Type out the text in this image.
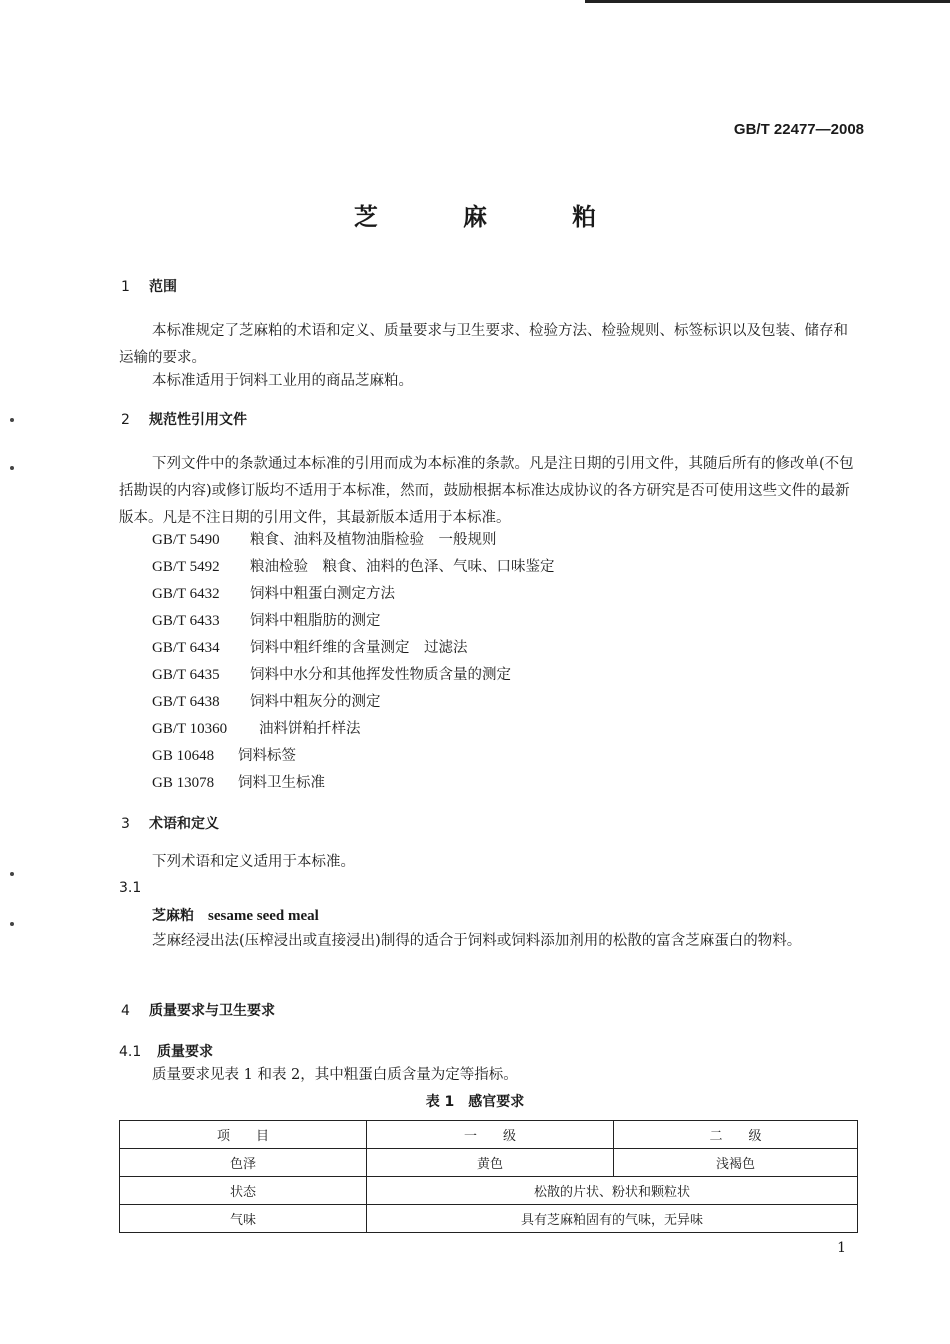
GB/T 22477—2008
芝 麻 粕
1 范围
本标准规定了芝麻粕的术语和定义、质量要求与卫生要求、检验方法、检验规则、标签标识以及包装、储存和运输的要求。
本标准适用于饲料工业用的商品芝麻粕。
2 规范性引用文件
下列文件中的条款通过本标准的引用而成为本标准的条款。凡是注日期的引用文件，其随后所有的修改单(不包括勘误的内容)或修订版均不适用于本标准，然而，鼓励根据本标准达成协议的各方研究是否可使用这些文件的最新版本。凡是不注日期的引用文件，其最新版本适用于本标准。
GB/T 5490 粮食、油料及植物油脂检验　一般规则
GB/T 5492 粮油检验　粮食、油料的色泽、气味、口味鉴定
GB/T 6432 饲料中粗蛋白测定方法
GB/T 6433 饲料中粗脂肪的测定
GB/T 6434 饲料中粗纤维的含量测定　过滤法
GB/T 6435 饲料中水分和其他挥发性物质含量的测定
GB/T 6438 饲料中粗灰分的测定
GB/T 10360 油料饼粕扦样法
GB 10648 饲料标签
GB 13078 饲料卫生标准
3 术语和定义
下列术语和定义适用于本标准。
3.1
芝麻粕 sesame seed meal
芝麻经浸出法(压榨浸出或直接浸出)制得的适合于饲料或饲料添加剂用的松散的富含芝麻蛋白的物料。
4 质量要求与卫生要求
4.1 质量要求
质量要求见表 1 和表 2，其中粗蛋白质含量为定等指标。
表 1　感官要求
项　　目	一　　级	二　　级
色泽	黄色	浅褐色
状态	松散的片状、粉状和颗粒状	
气味	具有芝麻粕固有的气味，无异味	
1
